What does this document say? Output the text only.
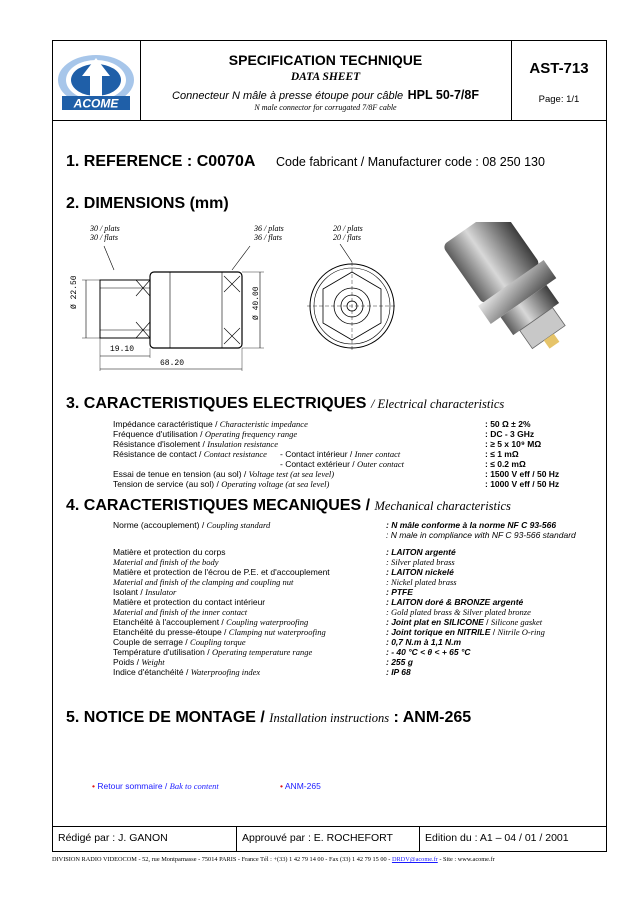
ACOME
SPECIFICATION TECHNIQUE
DATA SHEET
Connecteur N mâle à presse étoupe pour câble HPL 50-7/8F
N male connector for corrugated 7/8F cable
AST-713
Page: 1/1
1. REFERENCE : C0070A Code fabricant / Manufacturer code : 08 250 130
2. DIMENSIONS (mm)
30 / plats
30 / flats
36 / plats
36 / flats
20 / plats
20 / flats
Ø 22.50	Ø 40.00
19.10
68.20
3. CARACTERISTIQUES ELECTRIQUES / Electrical characteristics
Impédance caractéristique / Characteristic impedance	: 50 Ω ± 2%
Fréquence d'utilisation / Operating frequency range	: DC - 3 GHz
Résistance d'isolement / Insulation resistance	: ≥ 5 x 10⁹ MΩ
Résistance de contact / Contact resistance - Contact intérieur / Inner contact	: ≤ 1 mΩ
- Contact extérieur / Outer contact	: ≤ 0.2 mΩ
Essai de tenue en tension (au sol) / Voltage test (at sea level)	: 1500 V eff / 50 Hz
Tension de service (au sol) / Operating voltage (at sea level)	: 1000 V eff / 50 Hz
4. CARACTERISTIQUES MECANIQUES / Mechanical characteristics
Norme (accouplement) / Coupling standard	: N mâle conforme à la norme NF C 93-566
: N male in compliance with NF C 93-566 standard
Matière et protection du corps	: LAITON argenté
Material and finish of the body	: Silver plated brass
Matière et protection de l'écrou de P.E. et d'accouplement	: LAITON nickelé
Material and finish of the clamping and coupling nut	: Nickel plated brass
Isolant / Insulator	: PTFE
Matière et protection du contact intérieur	: LAITON doré & BRONZE argenté
Material and finish of the inner contact	: Gold plated brass & Silver plated bronze
Etanchéité à l'accouplement / Coupling waterproofing	: Joint plat en SILICONE / Silicone gasket
Etanchéité du presse-étoupe / Clamping nut waterproofing	: Joint torique en NITRILE / Nitrile O-ring
Couple de serrage / Coupling torque	: 0,7 N.m à 1,1 N.m
Température d'utilisation / Operating temperature range	: - 40 °C < θ < + 65 °C
Poids / Weight	: 255 g
Indice d'étanchéité / Waterproofing index	: IP 68
5. NOTICE DE MONTAGE / Installation instructions : ANM-265
• Retour sommaire / Bak to content	• ANM-265
Rédigé par : J. GANON	Approuvé par : E. ROCHEFORT	Edition du : A1 – 04 / 01 / 2001
DIVISION RADIO VIDEOCOM - 52, rue Montparnasse - 75014 PARIS - France Tél : +(33) 1 42 79 14 00 - Fax (33) 1 42 79 15 00 - DRDV@acome.fr - Site : www.acome.fr
